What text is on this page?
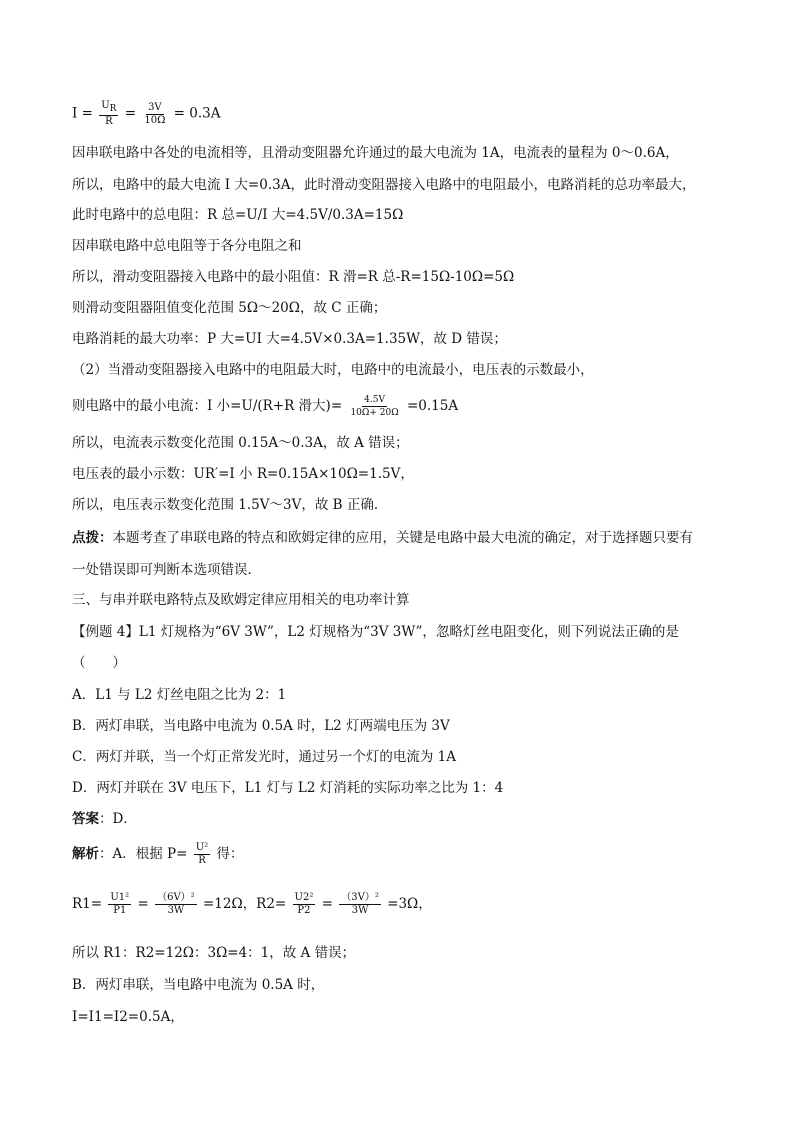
$I = \frac{U_R}{R} = \frac{3V}{10\Omega} = 0.3A$
因串联电路中各处的电流相等，且滑动变阻器允许通过的最大电流为 1A，电流表的量程为 0～0.6A，
所以，电路中的最大电流 I 大=0.3A，此时滑动变阻器接入电路中的电阻最小，电路消耗的总功率最大，
此时电路中的总电阻：R 总=U/I 大=4.5V/0.3A=15Ω
因串联电路中总电阻等于各分电阻之和
所以，滑动变阻器接入电路中的最小阻值：R 滑=R 总-R=15Ω-10Ω=5Ω
则滑动变阻器阻值变化范围 5Ω～20Ω，故 C 正确；
电路消耗的最大功率：P 大=UI 大=4.5V×0.3A=1.35W，故 D 错误；
（2）当滑动变阻器接入电路中的电阻最大时，电路中的电流最小，电压表的示数最小，
则电路中的最小电流：I 小=U/(R+R 滑大)= $\frac{4.5V}{10\Omega+ 20\Omega} =0.15A$
所以，电流表示数变化范围 0.15A～0.3A，故 A 错误；
电压表的最小示数：UR′=I 小 R=0.15A×10Ω=1.5V，
所以，电压表示数变化范围 1.5V～3V，故 B 正确．
点拨：本题考查了串联电路的特点和欧姆定律的应用，关键是电路中最大电流的确定，对于选择题只要有
一处错误即可判断本选项错误．
三、与串并联电路特点及欧姆定律应用相关的电功率计算
【例题 4】L1 灯规格为“6V 3W”，L2 灯规格为“3V 3W”，忽略灯丝电阻变化，则下列说法正确的是
（　　）
A．L1 与 L2 灯丝电阻之比为 2：1
B．两灯串联，当电路中电流为 0.5A 时，L2 灯两端电压为 3V
C．两灯并联，当一个灯正常发光时，通过另一个灯的电流为 1A
D．两灯并联在 3V 电压下，L1 灯与 L2 灯消耗的实际功率之比为 1：4
答案：D．
解析：A．根据 $P= \frac{\text{U²}}{R}$ 得：
$R1= \frac{\text{U1²}}{P1} = \frac{\text{（6V）²}}{3W} =12\Omega$，$R2= \frac{\text{U2²}}{P2} = \frac{\text{（3V）²}}{3W} =3\Omega$，
所以 R1：R2=12Ω：3Ω=4：1，故 A 错误；
B．两灯串联，当电路中电流为 0.5A 时，
I=I1=I2=0.5A，
